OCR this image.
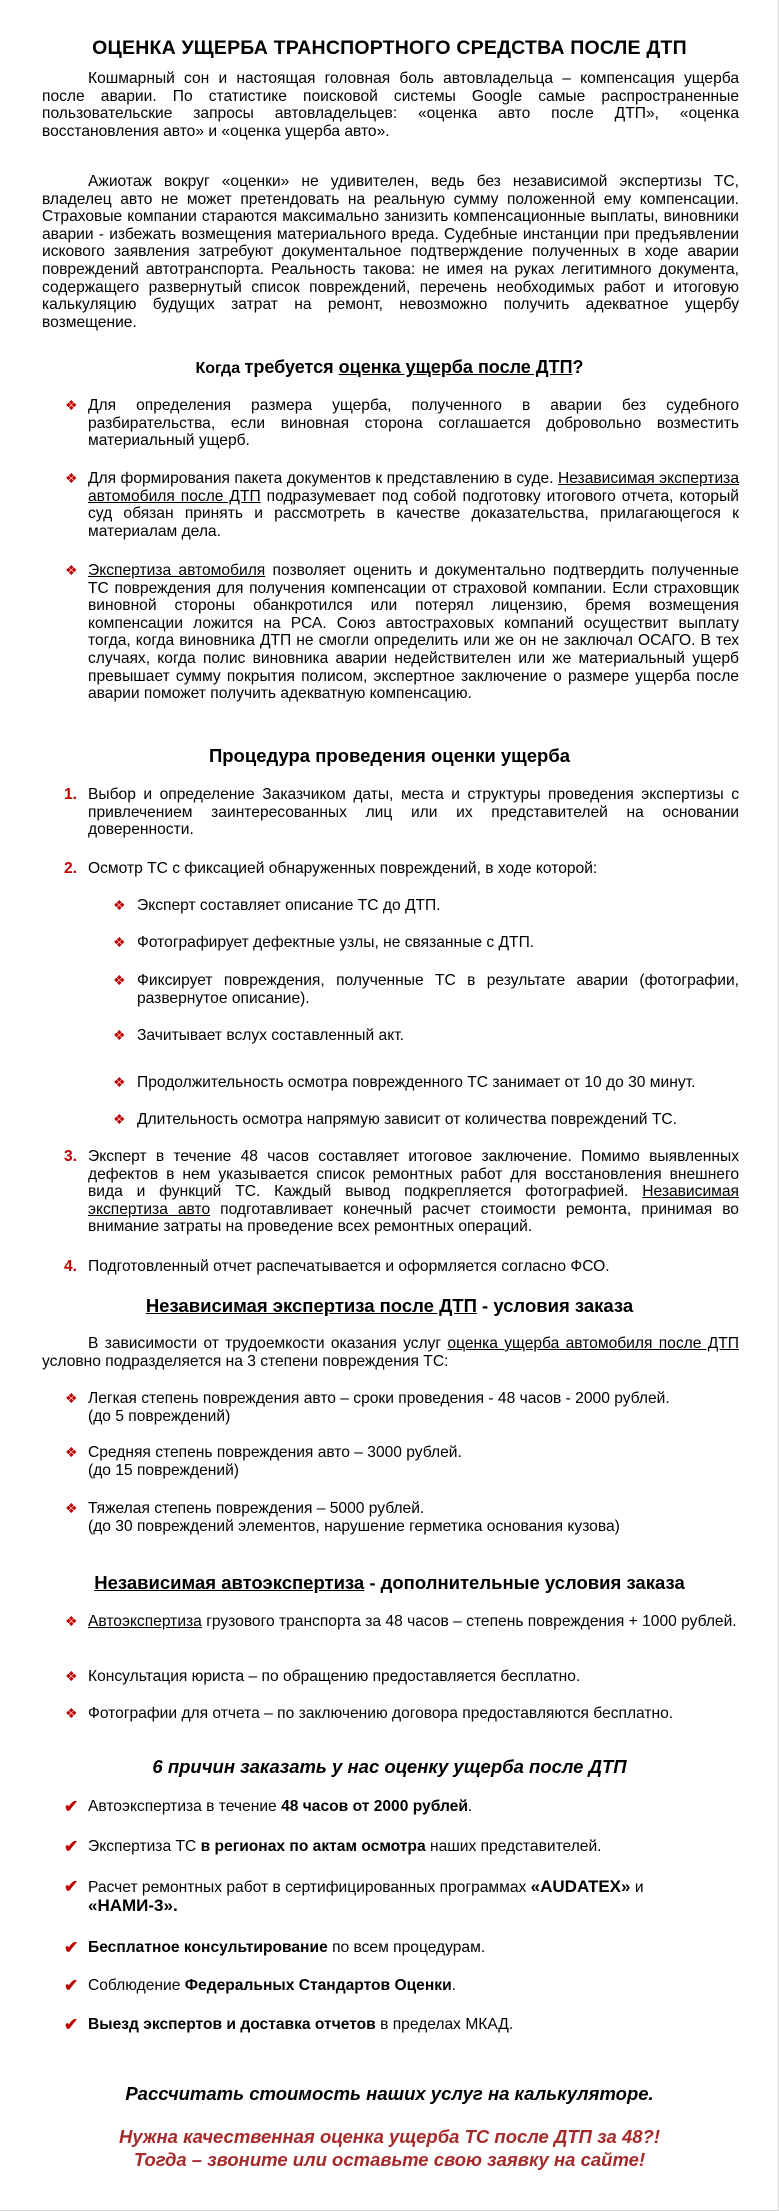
ОЦЕНКА УЩЕРБА ТРАНСПОРТНОГО СРЕДСТВА ПОСЛЕ ДТП

Кошмарный сон и настоящая головная боль автовладельца – компенсация ущерба после аварии. По статистике поисковой системы Google самые распространенные пользовательские запросы автовладельцев: «оценка авто после ДТП», «оценка восстановления авто» и «оценка ущерба авто».

Ажиотаж вокруг «оценки» не удивителен, ведь без независимой экспертизы ТС, владелец авто не может претендовать на реальную сумму положенной ему компенсации. Страховые компании стараются максимально занизить компенсационные выплаты, виновники аварии - избежать возмещения материального вреда. Судебные инстанции при предъявлении искового заявления затребуют документальное подтверждение полученных в ходе аварии повреждений автотранспорта. Реальность такова: не имея на руках легитимного документа, содержащего развернутый список повреждений, перечень необходимых работ и итоговую калькуляцию будущих затрат на ремонт, невозможно получить адекватное ущербу возмещение.

Когда требуется оценка ущерба после ДТП?
❖ Для определения размера ущерба, полученного в аварии без судебного разбирательства, если виновная сторона соглашается добровольно возместить материальный ущерб.
❖ Для формирования пакета документов к представлению в суде. Независимая экспертиза автомобиля после ДТП подразумевает под собой подготовку итогового отчета, который суд обязан принять и рассмотреть в качестве доказательства, прилагающегося к материалам дела.
❖ Экспертиза автомобиля позволяет оценить и документально подтвердить полученные ТС повреждения для получения компенсации от страховой компании. Если страховщик виновной стороны обанкротился или потерял лицензию, бремя возмещения компенсации ложится на РСА. Союз автостраховых компаний осуществит выплату тогда, когда виновника ДТП не смогли определить или же он не заключал ОСАГО. В тех случаях, когда полис виновника аварии недействителен или же материальный ущерб превышает сумму покрытия полисом, экспертное заключение о размере ущерба после аварии поможет получить адекватную компенсацию.
Процедура проведения оценки ущерба
1. Выбор и определение Заказчиком даты, места и структуры проведения экспертизы с привлечением заинтересованных лиц или их представителей на основании доверенности.
2. Осмотр ТС с фиксацией обнаруженных повреждений, в ходе которой:
❖ Эксперт составляет описание ТС до ДТП.
❖ Фотографирует дефектные узлы, не связанные с ДТП.
❖ Фиксирует повреждения, полученные ТС в результате аварии (фотографии, развернутое описание).
❖ Зачитывает вслух составленный акт.
❖ Продолжительность осмотра поврежденного ТС занимает от 10 до 30 минут.
❖ Длительность осмотра напрямую зависит от количества повреждений ТС.
3. Эксперт в течение 48 часов составляет итоговое заключение. Помимо выявленных дефектов в нем указывается список ремонтных работ для восстановления внешнего вида и функций ТС. Каждый вывод подкрепляется фотографией. Независимая экспертиза авто подготавливает конечный расчет стоимости ремонта, принимая во внимание затраты на проведение всех ремонтных операций.
4. Подготовленный отчет распечатывается и оформляется согласно ФСО.
Независимая экспертиза после ДТП - условия заказа

В зависимости от трудоемкости оказания услуг оценка ущерба автомобиля после ДТП условно подразделяется на 3 степени повреждения ТС:

❖ Легкая степень повреждения авто – сроки проведения - 48 часов - 2000 рублей.
(до 5 повреждений)
❖ Средняя степень повреждения авто – 3000 рублей.
(до 15 повреждений)
❖ Тяжелая степень повреждения – 5000 рублей.
(до 30 повреждений элементов, нарушение герметика основания кузова)
Независимая автоэкспертиза - дополнительные условия заказа
❖ Автоэкспертиза грузового транспорта за 48 часов – степень повреждения + 1000 рублей.
❖ Консультация юриста – по обращению предоставляется бесплатно.
❖ Фотографии для отчета – по заключению договора предоставляются бесплатно.
6 причин заказать у нас оценку ущерба после ДТП
✔ Автоэкспертиза в течение 48 часов от 2000 рублей.
✔ Экспертиза ТС в регионах по актам осмотра наших представителей.
✔ Расчет ремонтных работ в сертифицированных программах «AUDATEX» и
«НАМИ-3».
✔ Бесплатное консультирование по всем процедурам.
✔ Соблюдение Федеральных Стандартов Оценки.
✔ Выезд экспертов и доставка отчетов в пределах МКАД.
Рассчитать стоимость наших услуг на калькуляторе.
Нужна качественная оценка ущерба ТС после ДТП за 48?!
Тогда – звоните или оставьте свою заявку на сайте!
